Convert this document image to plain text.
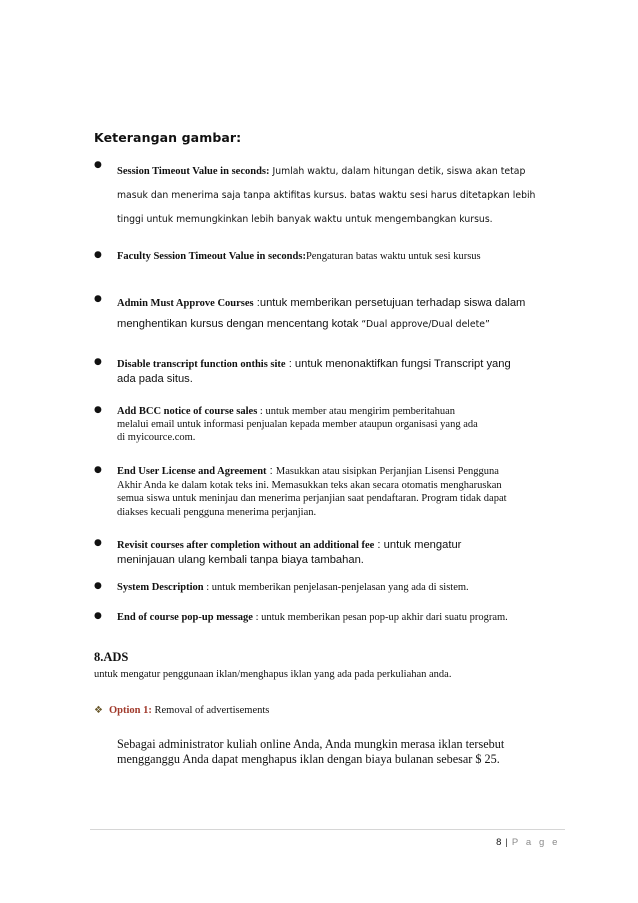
Keterangan gambar:
●
Session Timeout Value in seconds: Jumlah waktu, dalam hitungan detik, siswa akan tetap
masuk dan menerima saja tanpa aktifitas kursus. batas waktu sesi harus ditetapkan lebih
tinggi untuk memungkinkan lebih banyak waktu untuk mengembangkan kursus.
● Faculty Session Timeout Value in seconds:Pengaturan batas waktu untuk sesi kursus
● Admin Must Approve Courses :untuk memberikan persetujuan terhadap siswa dalam
menghentikan kursus dengan mencentang kotak “Dual approve/Dual delete”
● Disable transcript function onthis site : untuk menonaktifkan fungsi Transcript yang
ada pada situs.
● Add BCC notice of course sales : untuk member atau mengirim pemberitahuan
melalui email untuk informasi penjualan kepada member ataupun organisasi yang ada
di myicource.com.
● End User License and Agreement : Masukkan atau sisipkan Perjanjian Lisensi Pengguna
Akhir Anda ke dalam kotak teks ini. Memasukkan teks akan secara otomatis mengharuskan
semua siswa untuk meninjau dan menerima perjanjian saat pendaftaran. Program tidak dapat
diakses kecuali pengguna menerima perjanjian.
● Revisit courses after completion without an additional fee : untuk mengatur
meninjauan ulang kembali tanpa biaya tambahan.
● System Description : untuk memberikan penjelasan-penjelasan yang ada di sistem.
● End of course pop-up message : untuk memberikan pesan pop-up akhir dari suatu program.
8.ADS
untuk mengatur penggunaan iklan/menghapus iklan yang ada pada perkuliahan anda.
❖ Option 1: Removal of advertisements
Sebagai administrator kuliah online Anda, Anda mungkin merasa iklan tersebut
mengganggu Anda dapat menghapus iklan dengan biaya bulanan sebesar $ 25.
8 | P a g e
